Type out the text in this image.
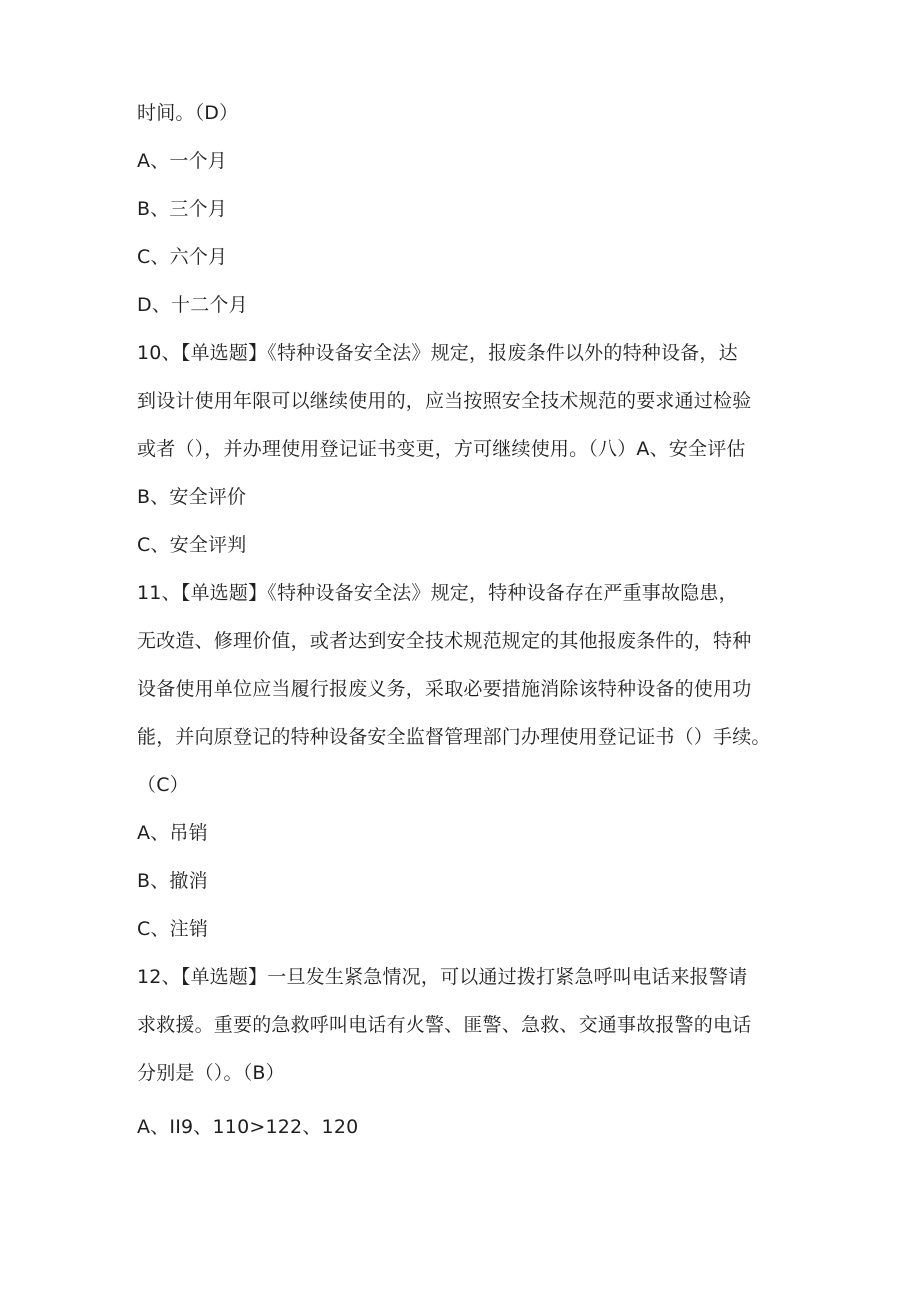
时间。（D）
A、一个月
B、三个月
C、六个月
D、十二个月
10、【单选题】《特种设备安全法》规定，报废条件以外的特种设备，达
到设计使用年限可以继续使用的，应当按照安全技术规范的要求通过检验
或者（），并办理使用登记证书变更，方可继续使用。（八）A、安全评估
B、安全评价
C、安全评判
11、【单选题】《特种设备安全法》规定，特种设备存在严重事故隐患，
无改造、修理价值，或者达到安全技术规范规定的其他报废条件的，特种
设备使用单位应当履行报废义务，采取必要措施消除该特种设备的使用功
能，并向原登记的特种设备安全监督管理部门办理使用登记证书（）手续。
（C）
A、吊销
B、撤消
C、注销
12、【单选题】一旦发生紧急情况，可以通过拨打紧急呼叫电话来报警请
求救援。重要的急救呼叫电话有火警、匪警、急救、交通事故报警的电话
分别是（）。（B）
A、II9、110>122、120
